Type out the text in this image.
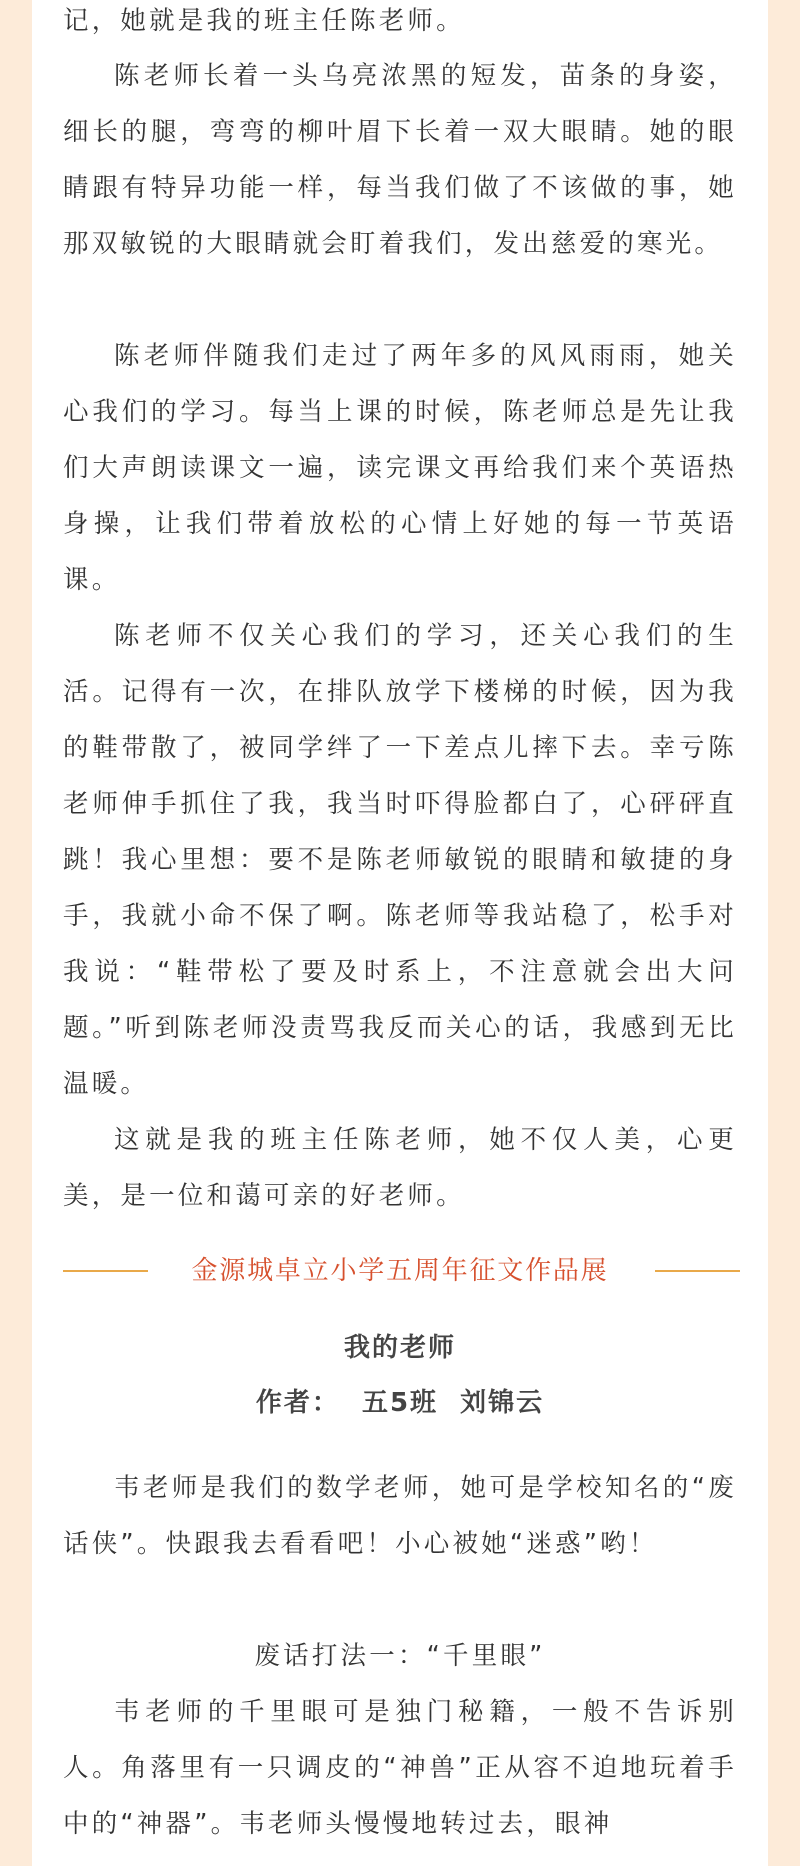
记，她就是我的班主任陈老师。
陈老师长着一头乌亮浓黑的短发，苗条的身姿，细长的腿，弯弯的柳叶眉下长着一双大眼睛。她的眼睛跟有特异功能一样，每当我们做了不该做的事，她那双敏锐的大眼睛就会盯着我们，发出慈爱的寒光。
陈老师伴随我们走过了两年多的风风雨雨，她关心我们的学习。每当上课的时候，陈老师总是先让我们大声朗读课文一遍，读完课文再给我们来个英语热身操，让我们带着放松的心情上好她的每一节英语课。
陈老师不仅关心我们的学习，还关心我们的生活。记得有一次，在排队放学下楼梯的时候，因为我的鞋带散了，被同学绊了一下差点儿摔下去。幸亏陈老师伸手抓住了我，我当时吓得脸都白了，心砰砰直跳！我心里想：要不是陈老师敏锐的眼睛和敏捷的身手，我就小命不保了啊。陈老师等我站稳了，松手对我说：“鞋带松了要及时系上，不注意就会出大问题。”听到陈老师没责骂我反而关心的话，我感到无比温暖。
这就是我的班主任陈老师，她不仅人美，心更美，是一位和蔼可亲的好老师。
金源城卓立小学五周年征文作品展
我的老师
作者：  五5班  刘锦云
韦老师是我们的数学老师，她可是学校知名的“废话侠”。快跟我去看看吧！小心被她“迷惑”哟！
废话打法一：“千里眼”
韦老师的千里眼可是独门秘籍，一般不告诉别人。角落里有一只调皮的“神兽”正从容不迫地玩着手中的“神器”。韦老师头慢慢地转过去，眼神
